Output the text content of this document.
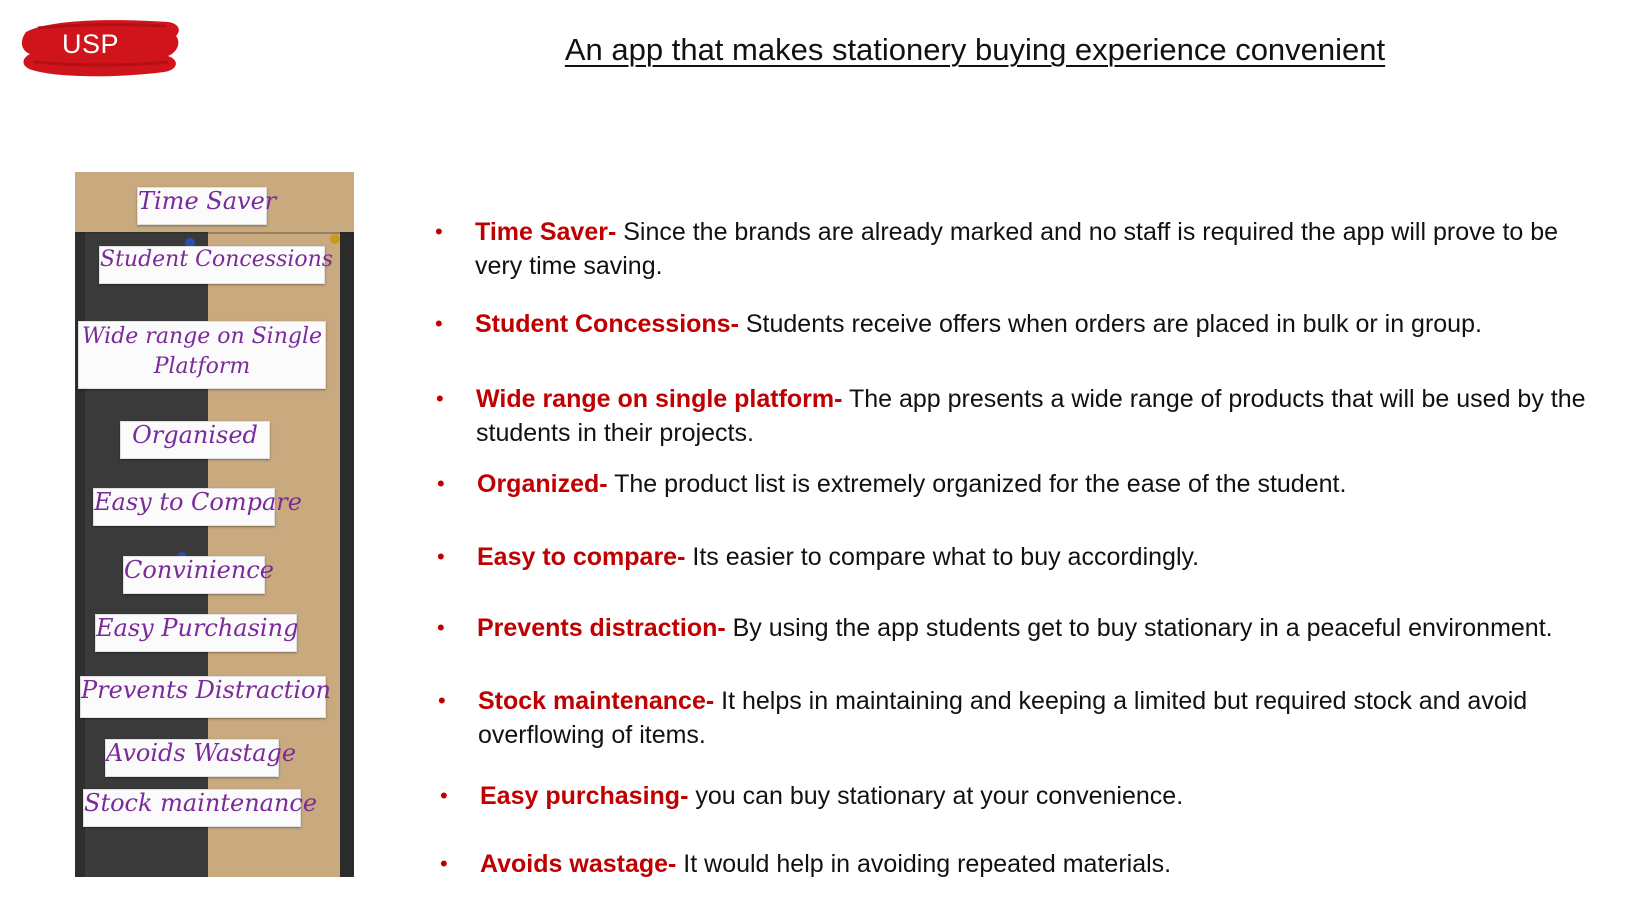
USP	An app that makes stationery buying experience convenient
Time Saver
Student Concessions
Wide range on Single Platform
Organised
Easy to Compare
Convinience
Easy Purchasing
Prevents Distraction
Avoids Wastage
Stock maintenance
• Time Saver- Since the brands are already marked and no staff is required the app will prove to be very time saving.
• Student Concessions- Students receive offers when orders are placed in bulk or in group.
• Wide range on single platform- The app presents a wide range of products that will be used by the students in their projects.
• Organized- The product list is extremely organized for the ease of the student.
• Easy to compare- Its easier to compare what to buy accordingly.
• Prevents distraction- By using the app students get to buy stationary in a peaceful environment.
• Stock maintenance- It helps in maintaining and keeping a limited but required stock and avoid overflowing of items.
• Easy purchasing- you can buy stationary at your convenience.
• Avoids wastage- It would help in avoiding repeated materials.
